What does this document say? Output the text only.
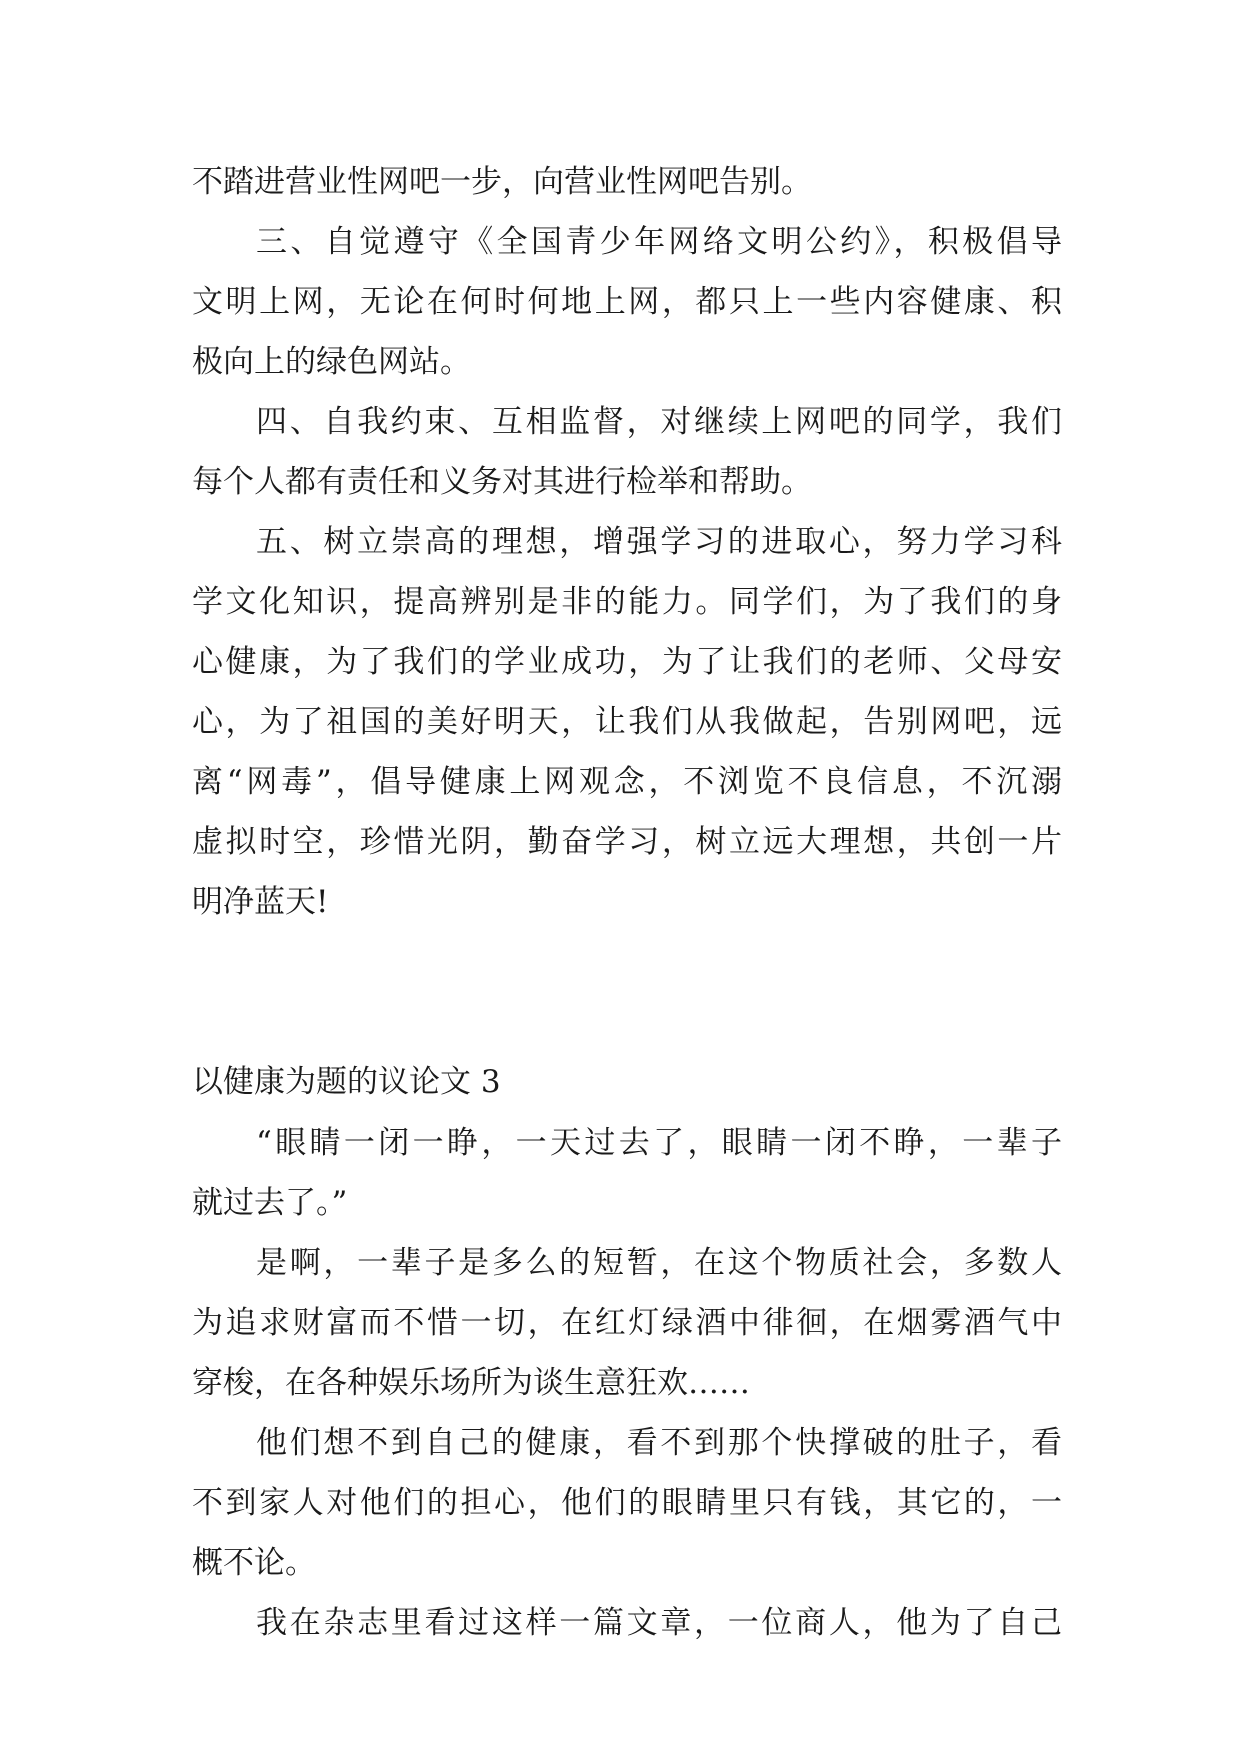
不踏进营业性网吧一步，向营业性网吧告别。
三、自觉遵守《全国青少年网络文明公约》，积极倡导
文明上网，无论在何时何地上网，都只上一些内容健康、积
极向上的绿色网站。
四、自我约束、互相监督，对继续上网吧的同学，我们
每个人都有责任和义务对其进行检举和帮助。
五、树立崇高的理想，增强学习的进取心，努力学习科
学文化知识，提高辨别是非的能力。同学们，为了我们的身
心健康，为了我们的学业成功，为了让我们的老师、父母安
心，为了祖国的美好明天，让我们从我做起，告别网吧，远
离“网毒”，倡导健康上网观念，不浏览不良信息，不沉溺
虚拟时空，珍惜光阴，勤奋学习，树立远大理想，共创一片
明净蓝天!
以健康为题的议论文 3
“眼睛一闭一睁，一天过去了，眼睛一闭不睁，一辈子
就过去了。”
是啊，一辈子是多么的短暂，在这个物质社会，多数人
为追求财富而不惜一切，在红灯绿酒中徘徊，在烟雾酒气中
穿梭，在各种娱乐场所为谈生意狂欢……
他们想不到自己的健康，看不到那个快撑破的肚子，看
不到家人对他们的担心，他们的眼睛里只有钱，其它的，一
概不论。
我在杂志里看过这样一篇文章，一位商人，他为了自己
